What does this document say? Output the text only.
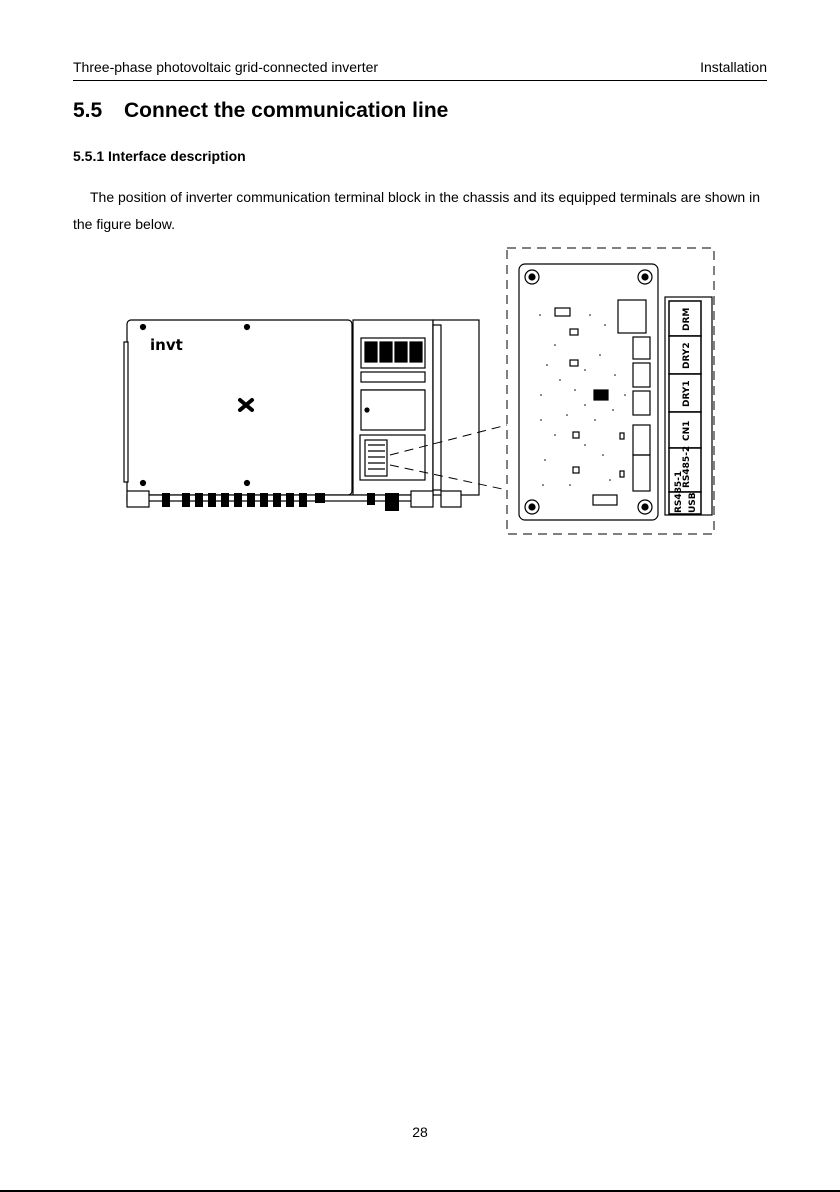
Three-phase photovoltaic grid-connected inverter	Installation
5.5 Connect the communication line
5.5.1 Interface description

The position of inverter communication terminal block in the chassis and its equipped terminals are shown in the figure below.

invt
DRM
DRY2
DRY1
CN1
RS485-2
RS485-1 USB
28
